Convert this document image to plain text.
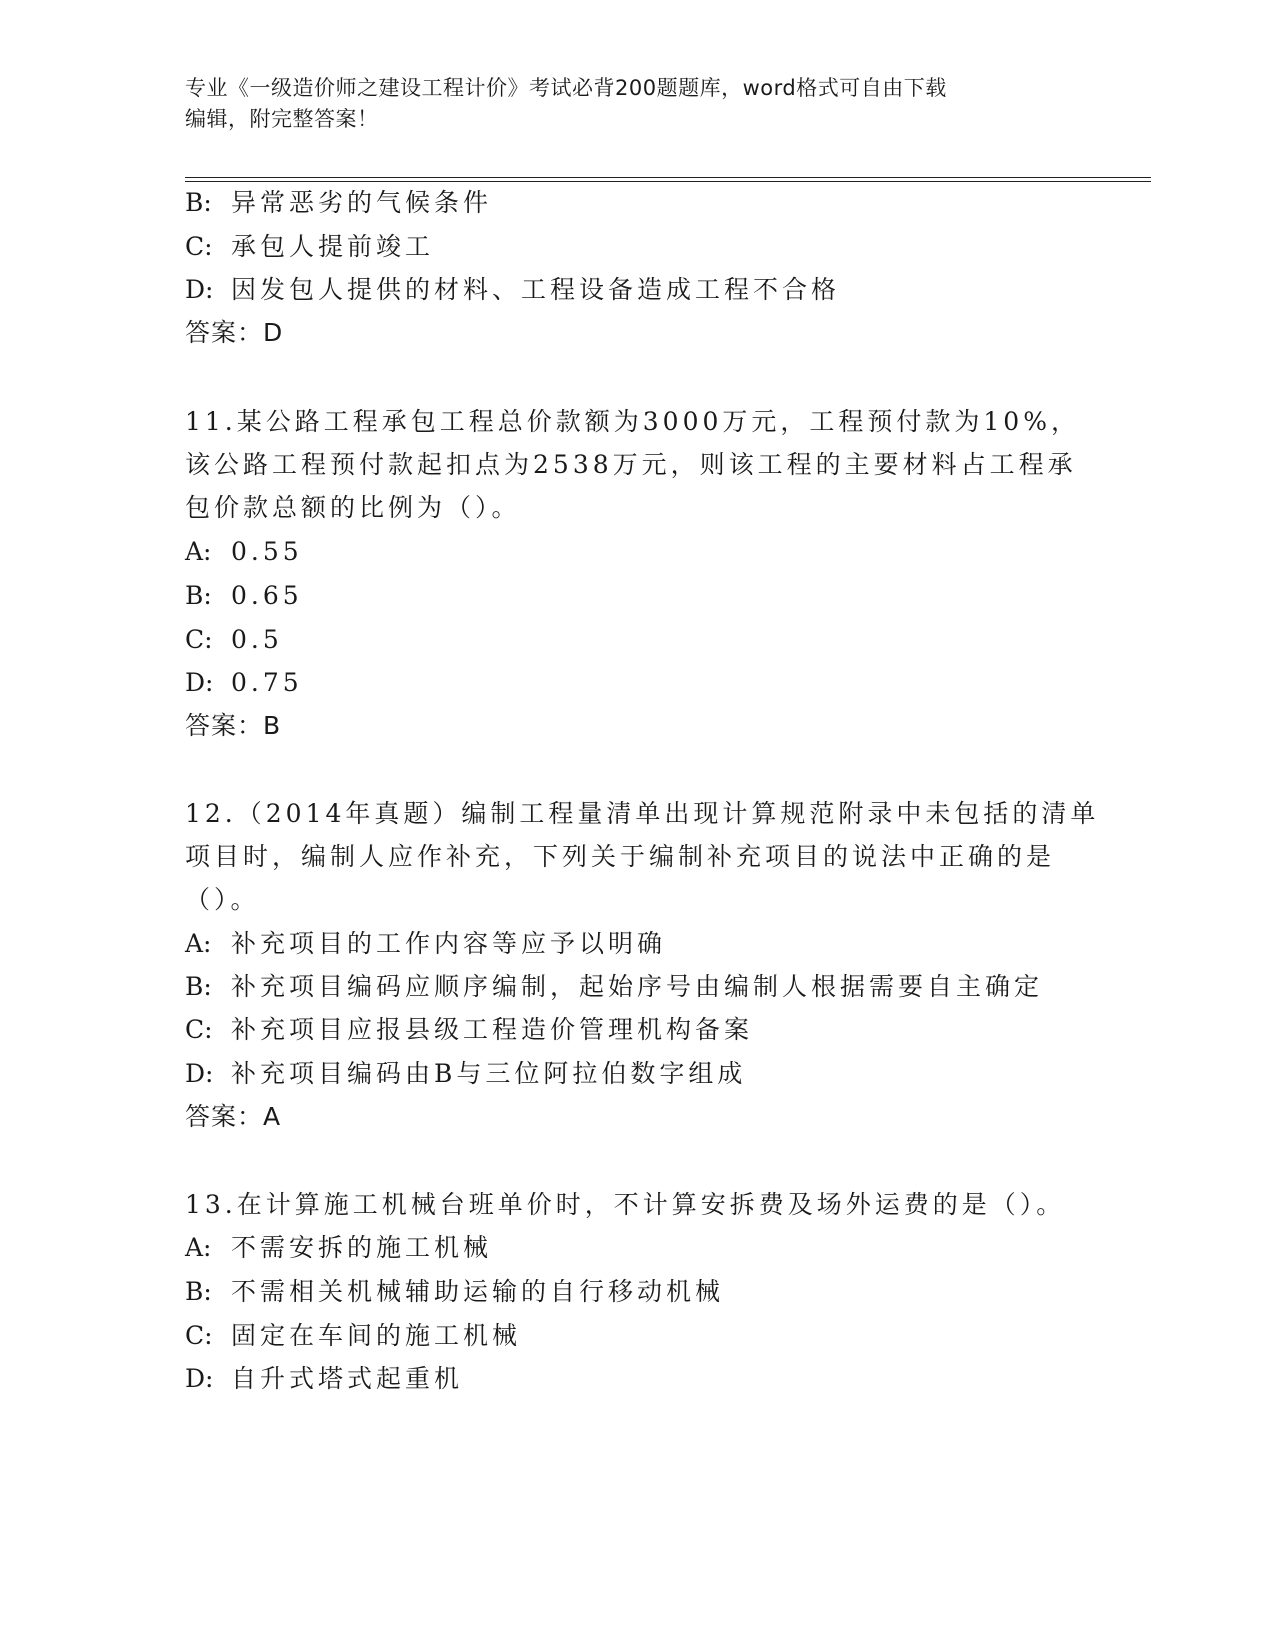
专业《一级造价师之建设工程计价》考试必背200题题库，word格式可自由下载
编辑，附完整答案！
B: 异常恶劣的气候条件
C: 承包人提前竣工
D: 因发包人提供的材料、工程设备造成工程不合格
答案：D
11.某公路工程承包工程总价款额为3000万元，工程预付款为10%，
该公路工程预付款起扣点为2538万元，则该工程的主要材料占工程承
包价款总额的比例为（）。
A: 0.55
B: 0.65
C: 0.5
D: 0.75
答案：B
12.（2014年真题）编制工程量清单出现计算规范附录中未包括的清单
项目时，编制人应作补充，下列关于编制补充项目的说法中正确的是
（）。
A: 补充项目的工作内容等应予以明确
B: 补充项目编码应顺序编制，起始序号由编制人根据需要自主确定
C: 补充项目应报县级工程造价管理机构备案
D: 补充项目编码由B与三位阿拉伯数字组成
答案：A
13.在计算施工机械台班单价时，不计算安拆费及场外运费的是（）。
A: 不需安拆的施工机械
B: 不需相关机械辅助运输的自行移动机械
C: 固定在车间的施工机械
D: 自升式塔式起重机
